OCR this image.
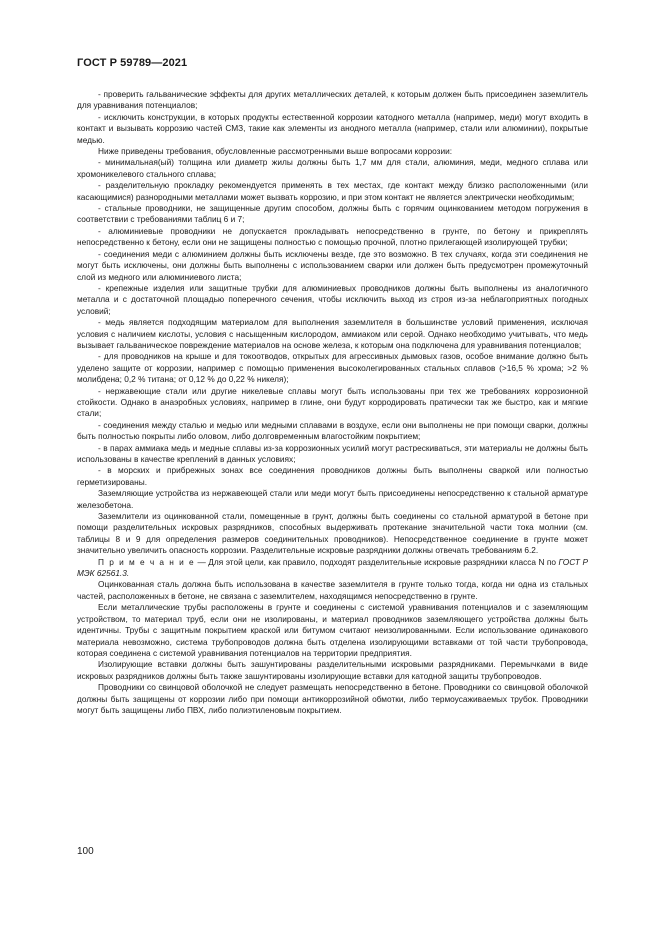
ГОСТ Р 59789—2021

- проверить гальванические эффекты для других металлических деталей, к которым должен быть присоединен заземлитель для уравнивания потенциалов;

- исключить конструкции, в которых продукты естественной коррозии катодного металла (например, меди) могут входить в контакт и вызывать коррозию частей СМЗ, такие как элементы из анодного металла (например, стали или алюминии), покрытые медью.

Ниже приведены требования, обусловленные рассмотренными выше вопросами коррозии:

- минимальная(ый) толщина или диаметр жилы должны быть 1,7 мм для стали, алюминия, меди, медного сплава или хромоникелевого стального сплава;

- разделительную прокладку рекомендуется применять в тех местах, где контакт между близко расположенными (или касающимися) разнородными металлами может вызвать коррозию, и при этом контакт не является электрически необходимым;

- стальные проводники, не защищенные другим способом, должны быть с горячим оцинкованием методом погружения в соответствии с требованиями таблиц 6 и 7;

- алюминиевые проводники не допускается прокладывать непосредственно в грунте, по бетону и прикреплять непосредственно к бетону, если они не защищены полностью с помощью прочной, плотно прилегающей изолирующей трубки;

- соединения меди с алюминием должны быть исключены везде, где это возможно. В тех случаях, когда эти соединения не могут быть исключены, они должны быть выполнены с использованием сварки или должен быть предусмотрен промежуточный слой из медного или алюминиевого листа;

- крепежные изделия или защитные трубки для алюминиевых проводников должны быть выполнены из аналогичного металла и с достаточной площадью поперечного сечения, чтобы исключить выход из строя из-за неблагоприятных погодных условий;

- медь является подходящим материалом для выполнения заземлителя в большинстве условий применения, исключая условия с наличием кислоты, условия с насыщенным кислородом, аммиаком или серой. Однако необходимо учитывать, что медь вызывает гальваническое повреждение материалов на основе железа, к которым она подключена для уравнивания потенциалов;

- для проводников на крыше и для токоотводов, открытых для агрессивных дымовых газов, особое внимание должно быть уделено защите от коррозии, например с помощью применения высоколегированных стальных сплавов (>16,5 % хрома; >2 % молибдена; 0,2 % титана; от 0,12 % до 0,22 % никеля);

- нержавеющие стали или другие никелевые сплавы могут быть использованы при тех же требованиях коррозионной стойкости. Однако в анаэробных условиях, например в глине, они будут корродировать пратически так же быстро, как и мягкие стали;

- соединения между сталью и медью или медными сплавами в воздухе, если они выполнены не при помощи сварки, должны быть полностью покрыты либо оловом, либо долговременным влагостойким покрытием;

- в парах аммиака медь и медные сплавы из-за коррозионных усилий могут растрескиваться, эти материалы не должны быть использованы в качестве креплений в данных условиях;

- в морских и прибрежных зонах все соединения проводников должны быть выполнены сваркой или полностью герметизированы.

Заземляющие устройства из нержавеющей стали или меди могут быть присоединены непосредственно к стальной арматуре железобетона.

Заземлители из оцинкованной стали, помещенные в грунт, должны быть соединены со стальной арматурой в бетоне при помощи разделительных искровых разрядников, способных выдерживать протекание значительной части тока молнии (см. таблицы 8 и 9 для определения размеров соединительных проводников). Непосредственное соединение в грунте может значительно увеличить опасность коррозии. Разделительные искровые разрядники должны отвечать требованиям 6.2.

П р и м е ч а н и е — Для этой цели, как правило, подходят разделительные искровые разрядники класса N по ГОСТ Р МЭК 62561.3.

Оцинкованная сталь должна быть использована в качестве заземлителя в грунте только тогда, когда ни одна из стальных частей, расположенных в бетоне, не связана с заземлителем, находящимся непосредственно в грунте.

Если металлические трубы расположены в грунте и соединены с системой уравнивания потенциалов и с заземляющим устройством, то материал труб, если они не изолированы, и материал проводников заземляющего устройства должны быть идентичны. Трубы с защитным покрытием краской или битумом считают неизолированными. Если использование одинакового материала невозможно, система трубопроводов должна быть отделена изолирующими вставками от той части трубопровода, которая соединена с системой уравнивания потенциалов на территории предприятия.

Изолирующие вставки должны быть зашунтированы разделительными искровыми разрядниками. Перемычками в виде искровых разрядников должны быть также зашунтированы изолирующие вставки для катодной защиты трубопроводов.

Проводники со свинцовой оболочкой не следует размещать непосредственно в бетоне. Проводники со свинцовой оболочкой должны быть защищены от коррозии либо при помощи антикоррозийной обмотки, либо термоусаживаемых трубок. Проводники могут быть защищены либо ПВХ, либо полиэтиленовым покрытием.

100
